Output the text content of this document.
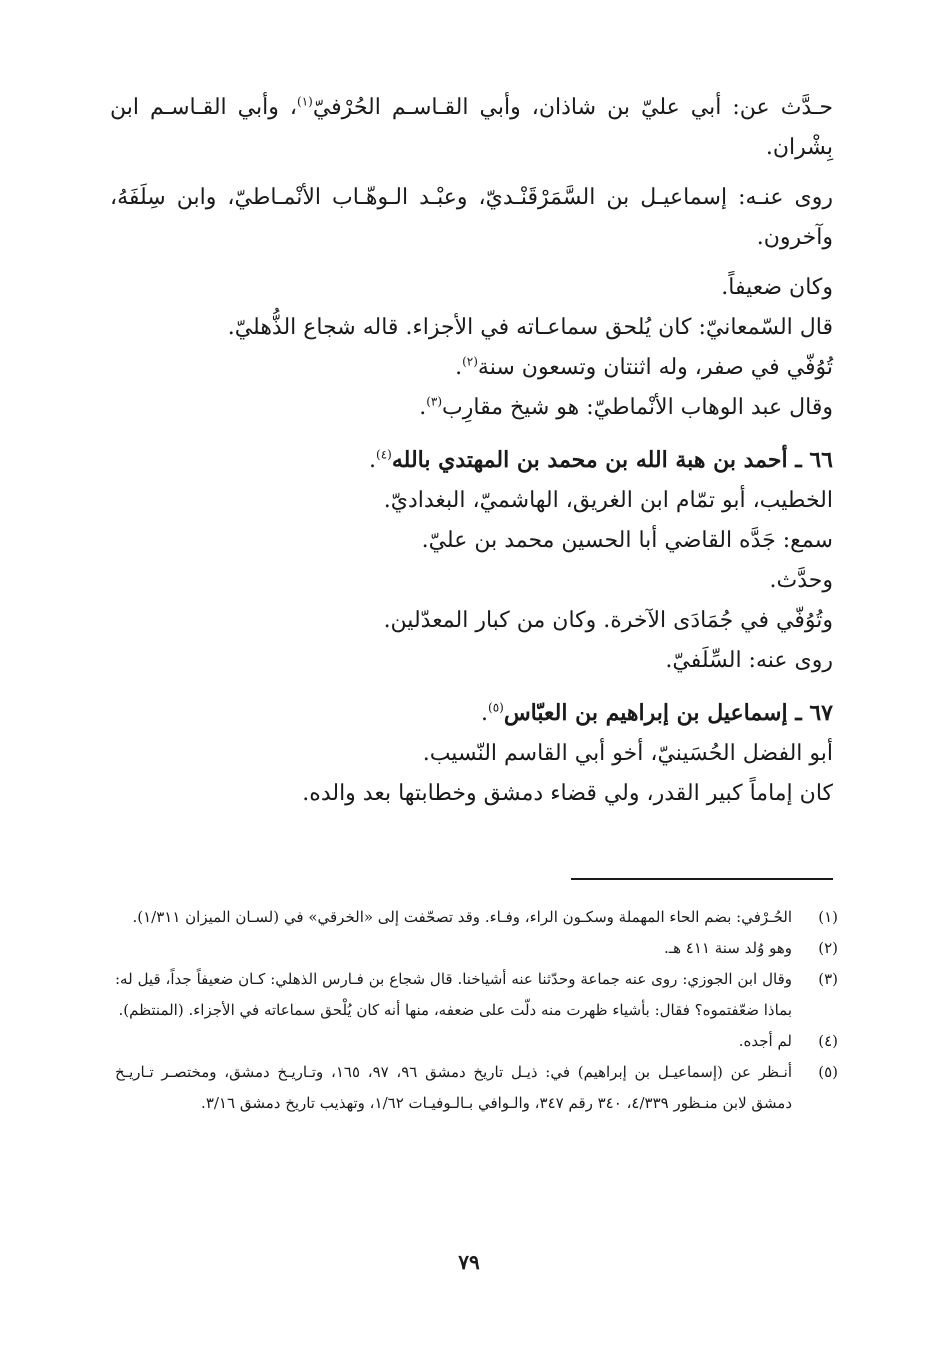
حـدَّث عن: أبي عليّ بن شاذان، وأبي القـاسـم الحُرْفيّ$^{(١)}$، وأبي القـاسـم ابن بِشْران.

روى عنـه: إسماعيـل بن السَّمَرْقَنْـديّ، وعبْـد الـوهّـاب الأنْمـاطيّ، وابن سِلَفَهُ، وآخرون.

وكان ضعيفاً.

قال السّمعانيّ: كان يُلحق سماعـاته في الأجزاء. قاله شجاع الذُّهليّ.

تُوُفّي في صفر، وله اثنتان وتسعون سنة$^{(٢)}$.

وقال عبد الوهاب الأنْماطيّ: هو شيخ مقارِب$^{(٣)}$.

٦٦ ـ أحمد بن هبة الله بن محمد بن المهتدي بالله$^{(٤)}$.

الخطيب، أبو تمّام ابن الغريق، الهاشميّ، البغداديّ.

سمع: جَدَّه القاضي أبا الحسين محمد بن عليّ.

وحدَّث.

وتُوُفّي في جُمَادَى الآخرة. وكان من كبار المعدّلين.

روى عنه: السِّلَفيّ.

٦٧ ـ إسماعيل بن إبراهيم بن العبّاس$^{(٥)}$.

أبو الفضل الحُسَينيّ، أخو أبي القاسم النّسيب.

كان إماماً كبير القدر، ولي قضاء دمشق وخطابتها بعد والده.

(١)
الحُـرْفي: بضم الحاء المهملة وسكـون الراء، وفـاء. وقد تصحّفت إلى «الخرقي» في (لسـان الميزان ١/٣١١).
(٢)
وهو وُلد سنة ٤١١ هـ.
(٣)
وقال ابن الجوزي: روى عنه جماعة وحدّثنا عنه أشياخنا. قال شجاع بن فـارس الذهلي: كـان ضعيفاً جداً، قيل له: بماذا ضعّفتموه؟ فقال: بأشياء ظهرت منه دلّت على ضعفه، منها أنه كان يُلْحق سماعاته في الأجزاء. (المنتظم).
(٤)
لم أجده.
(٥)
أنـظر عن (إسماعيـل بن إبراهيم) في: ذيـل تاريخ دمشق ٩٦، ٩٧، ١٦٥، وتـاريـخ دمشق، ومختصـر تـاريـخ دمشق لابن منـظور ٤/٣٣٩، ٣٤٠ رقم ٣٤٧، والـوافي بـالـوفيـات ١/٦٢، وتهذيب تاريخ دمشق ٣/١٦.
٧٩
